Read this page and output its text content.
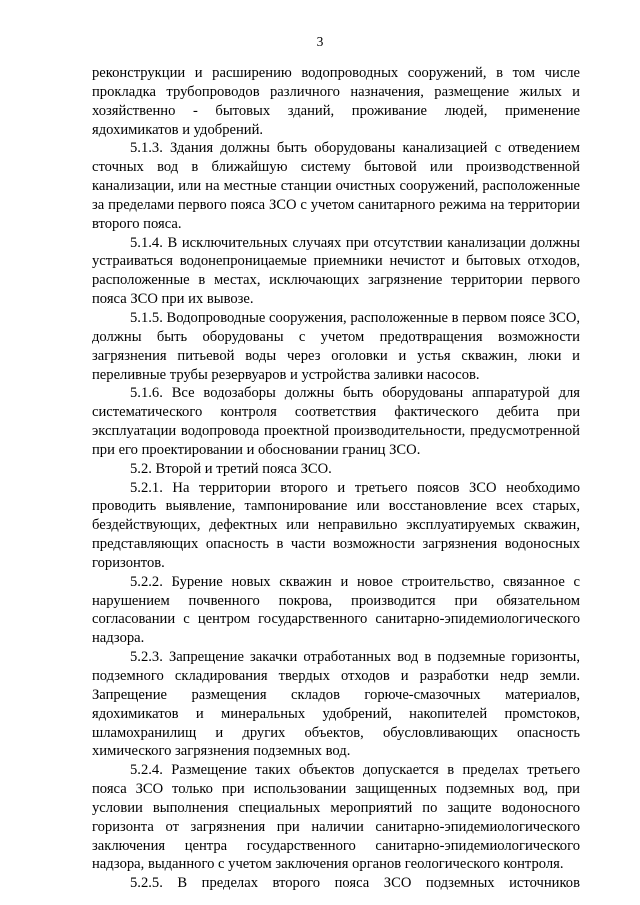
3

реконструкции и расширению водопроводных сооружений, в том числе прокладка трубопроводов различного назначения, размещение жилых и хозяйственно - бытовых зданий, проживание людей, применение ядохимикатов и удобрений.

5.1.3. Здания должны быть оборудованы канализацией с отведением сточных вод в ближайшую систему бытовой или производственной канализации, или на местные станции очистных сооружений, расположенные за пределами первого пояса ЗСО с учетом санитарного режима на территории второго пояса.

5.1.4. В исключительных случаях при отсутствии канализации должны устраиваться водонепроницаемые приемники нечистот и бытовых отходов, расположенные в местах, исключающих загрязнение территории первого пояса ЗСО при их вывозе.

5.1.5. Водопроводные сооружения, расположенные в первом поясе ЗСО, должны быть оборудованы с учетом предотвращения возможности загрязнения питьевой воды через оголовки и устья скважин, люки и переливные трубы резервуаров и устройства заливки насосов.

5.1.6. Все водозаборы должны быть оборудованы аппаратурой для систематического контроля соответствия фактического дебита при эксплуатации водопровода проектной производительности, предусмотренной при его проектировании и обосновании границ ЗСО.

5.2. Второй и третий пояса ЗСО.

5.2.1. На территории второго и третьего поясов ЗСО необходимо проводить выявление, тампонирование или восстановление всех старых, бездействующих, дефектных или неправильно эксплуатируемых скважин, представляющих опасность в части возможности загрязнения водоносных горизонтов.

5.2.2. Бурение новых скважин и новое строительство, связанное с нарушением почвенного покрова, производится при обязательном согласовании с центром государственного санитарно-эпидемиологического надзора.

5.2.3. Запрещение закачки отработанных вод в подземные горизонты, подземного складирования твердых отходов и разработки недр земли. Запрещение размещения складов горюче-смазочных материалов, ядохимикатов и минеральных удобрений, накопителей промстоков, шламохранилищ и других объектов, обусловливающих опасность химического загрязнения подземных вод.

5.2.4. Размещение таких объектов допускается в пределах третьего пояса ЗСО только при использовании защищенных подземных вод, при условии выполнения специальных мероприятий по защите водоносного горизонта от загрязнения при наличии санитарно-эпидемиологического заключения центра государственного санитарно-эпидемиологического надзора, выданного с учетом заключения органов геологического контроля.

5.2.5. В пределах второго пояса ЗСО подземных источников
